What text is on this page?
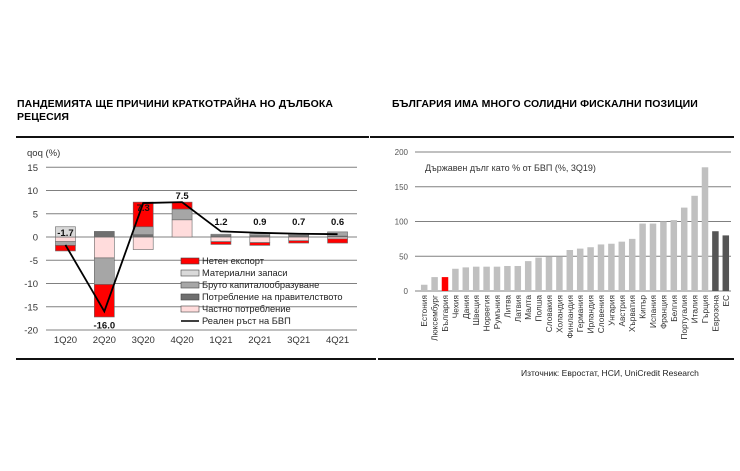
ПАНДЕМИЯТА ЩЕ ПРИЧИНИ КРАТКОТРАЙНА НО ДЪЛБОКА
РЕЦЕСИЯ
qoq (%)
БЪЛГАРИЯ ИМА МНОГО СОЛИДНИ ФИСКАЛНИ ПОЗИЦИИ
Източник: Евростат, НСИ, UniCredit Research
15
10
5
0
-5
-10
-15
-20
1Q20 2Q20 3Q20 4Q20 1Q21 2Q21 3Q21 4Q21
-1.7
-16.0
7.3
7.5
1.2	0.9	0.7	0.6
Нетен експорт
Материални запаси
Бруто капиталообразуване
Потребление на правителството
Частно потребление
Реален ръст на БВП
200
150
100
50
0
Държавен дълг като % от БВП (%, 3Q19)
Естония Люксембург България Чехия Дания Швеция Норвегия Румъния Литва Латвия Малта Полша Словакия Холандия Финландия Германия Ирландия Словения Унгария Австрия Хърватия Кипър Испания Франция Белгия Португалия Италия Гърция Еврозона ЕС
